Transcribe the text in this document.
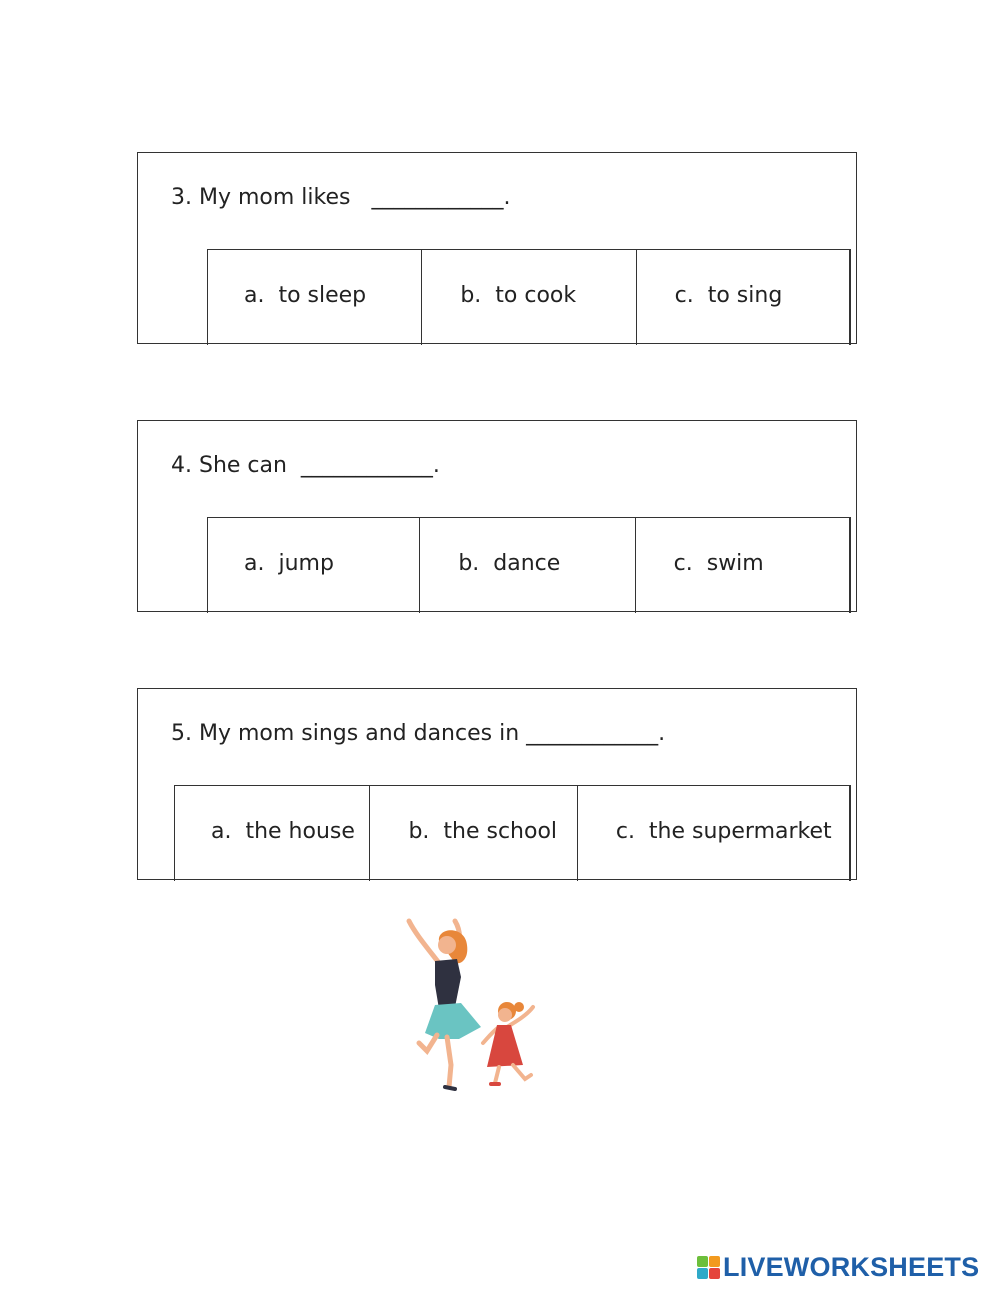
3. My mom likes   ____________.
a.  to sleep	b.  to cook	c.  to sing
4. She can  ____________.
a.  jump	b.  dance	c.  swim
5. My mom sings and dances in ____________.
a.  the house	b.  the school	c.  the supermarket
LIVEWORKSHEETS
